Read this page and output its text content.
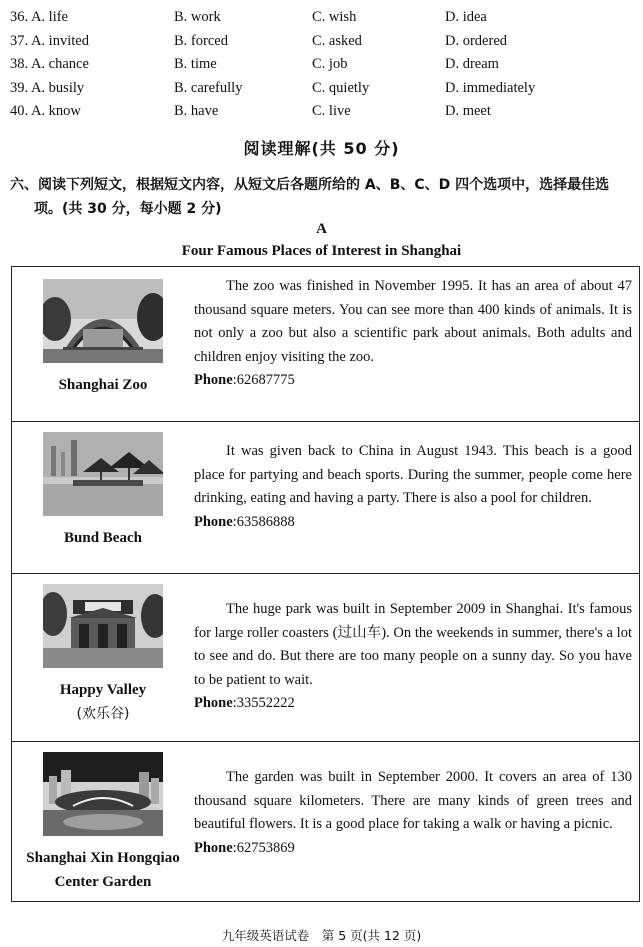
36. A. life	B. work	C. wish	D. idea
37. A. invited	B. forced	C. asked	D. ordered
38. A. chance	B. time	C. job	D. dream
39. A. busily	B. carefully	C. quietly	D. immediately
40. A. know	B. have	C. live	D. meet
阅读理解(共 50 分)
六、阅读下列短文，根据短文内容，从短文后各题所给的 A、B、C、D 四个选项中，选择最佳选
项。(共 30 分，每小题 2 分)
A
Four Famous Places of Interest in Shanghai
Shanghai Zoo

The zoo was finished in November 1995. It has an area of about 47 thousand square meters. You can see more than 400 kinds of animals. It is not only a zoo but also a scientific park about animals. Both adults and children enjoy visiting the zoo.

Phone:62687775
Bund Beach

It was given back to China in August 1943. This beach is a good place for partying and beach sports. During the summer, people come here drinking, eating and having a party. There is also a pool for children.

Phone:63586888
Happy Valley
(欢乐谷)

The huge park was built in September 2009 in Shanghai. It's famous for large roller coasters (过山车). On the weekends in summer, there's a lot to see and do. But there are too many people on a sunny day. So you have to be patient to wait.

Phone:33552222
Shanghai Xin Hongqiao Center Garden

The garden was built in September 2000. It covers an area of 130 thousand square kilometers. There are many kinds of green trees and beautiful flowers. It is a good place for taking a walk or having a picnic.

Phone:62753869
九年级英语试卷　第 5 页(共 12 页)
